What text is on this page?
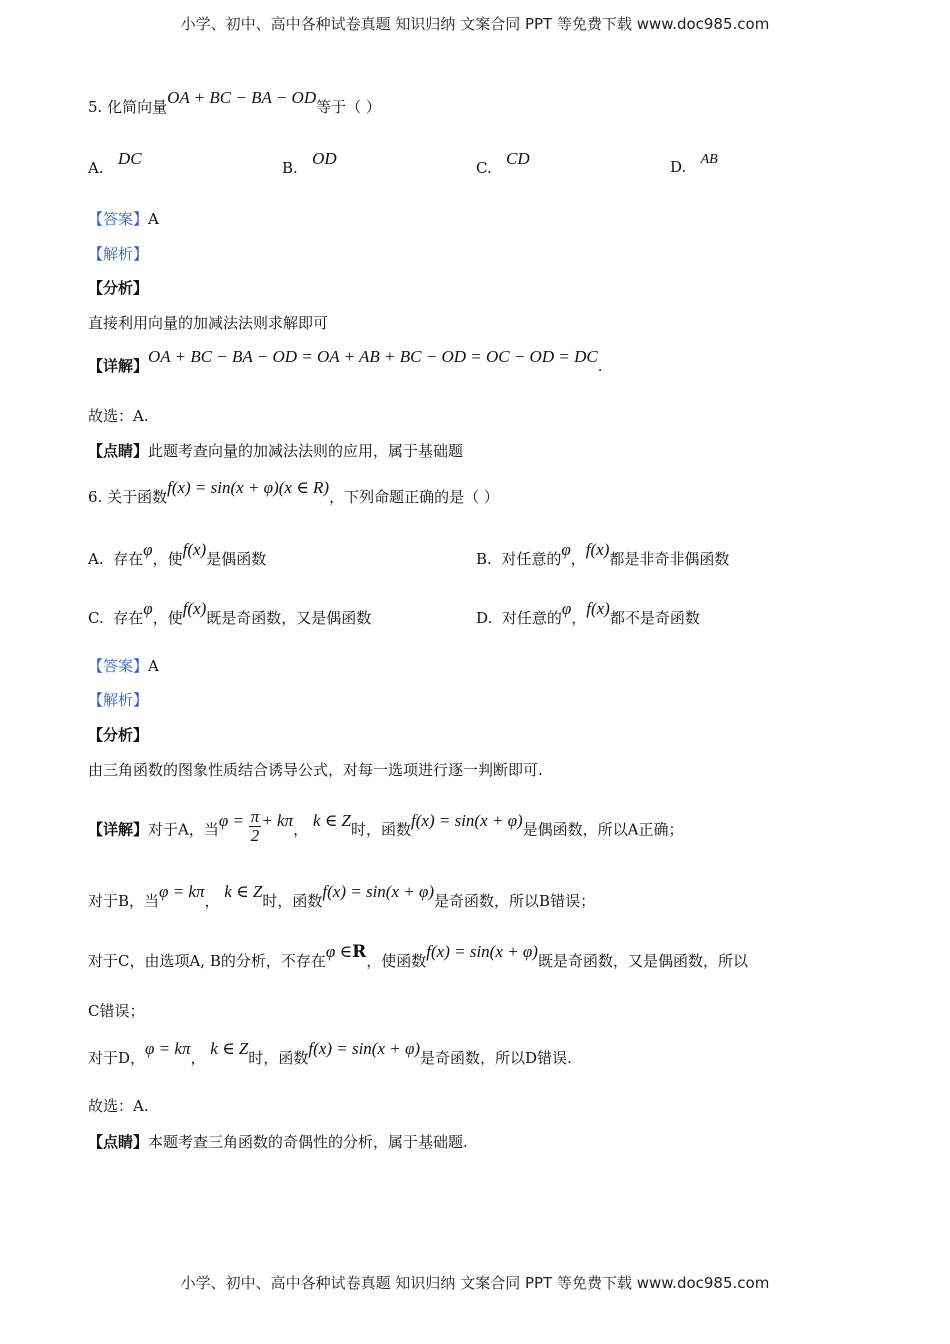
小学、初中、高中各种试卷真题 知识归纳 文案合同 PPT 等免费下载 www.doc985.com
5. 化简向量OA + BC − BA − OD等于（ ）
A. DC	B. OD	C. CD	D. AB
【答案】A
【解析】
【分析】
直接利用向量的加减法法则求解即可
【详解】OA + BC − BA − OD = OA + AB + BC − OD = OC − OD = DC.
故选：A.
【点睛】此题考查向量的加减法法则的应用，属于基础题
6. 关于函数f(x) = sin(x + φ)(x ∈ R)，下列命题正确的是（ ）
A. 存在φ，使f(x)是偶函数	B. 对任意的φ，f(x)都是非奇非偶函数
C. 存在φ，使f(x)既是奇函数，又是偶函数	D. 对任意的φ，f(x)都不是奇函数
【答案】A
【解析】
【分析】
由三角函数的图象性质结合诱导公式，对每一选项进行逐一判断即可.
【详解】对于A，当$\varphi = \frac{\pi}{2} + k\pi$， k ∈ Z时，函数f(x) = sin(x + φ)是偶函数，所以A正确；
对于B，当φ = kπ， k ∈ Z时，函数f(x) = sin(x + φ)是奇函数，所以B错误；
对于C，由选项A, B的分析，不存在φ ∈R，使函数f(x) = sin(x + φ)既是奇函数，又是偶函数，所以
C错误；
对于D，φ = kπ， k ∈ Z时，函数f(x) = sin(x + φ)是奇函数，所以D错误.
故选：A.
【点睛】本题考查三角函数的奇偶性的分析，属于基础题.
小学、初中、高中各种试卷真题 知识归纳 文案合同 PPT 等免费下载 www.doc985.com
